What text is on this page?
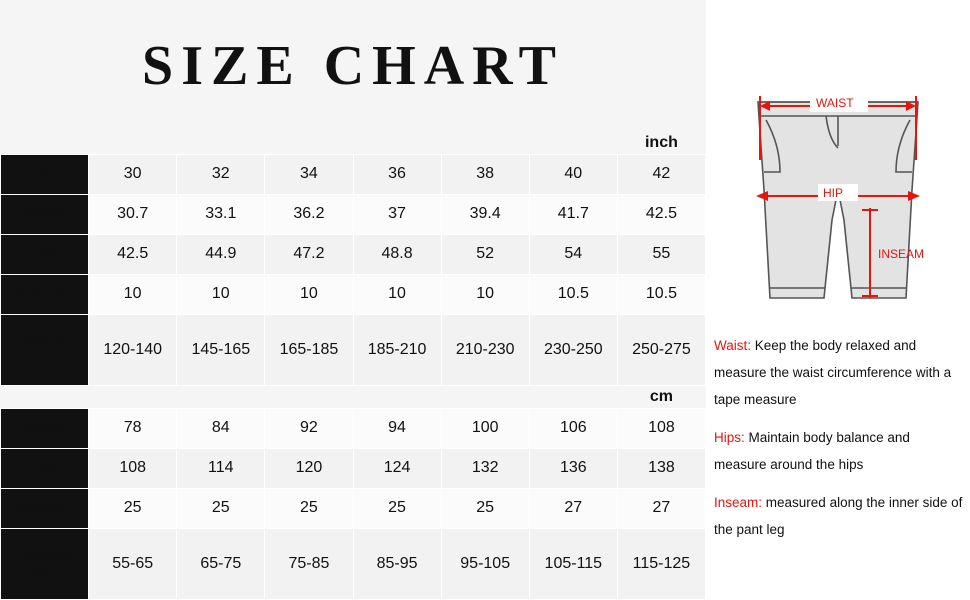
SIZE CHART
							inch
Size	30	32	34	36	38	40	42
Waist	30.7	33.1	36.2	37	39.4	41.7	42.5
Hip	42.5	44.9	47.2	48.8	52	54	55
Inseam	10	10	10	10	10	10.5	10.5
Weight
(1bs)	120-140	145-165	165-185	185-210	210-230	230-250	250-275
							cm
Waist	78	84	92	94	100	106	108
Hip	108	114	120	124	132	136	138
Inseam	25	25	25	25	25	27	27
Weight
(kg)	55-65	65-75	75-85	85-95	95-105	105-115	115-125
WAIST
HIP
INSEAM
Waist: Keep the body relaxed and measure the waist circumference with a tape measure
Hips: Maintain body balance and measure around the hips
Inseam: measured along the inner side of the pant leg
